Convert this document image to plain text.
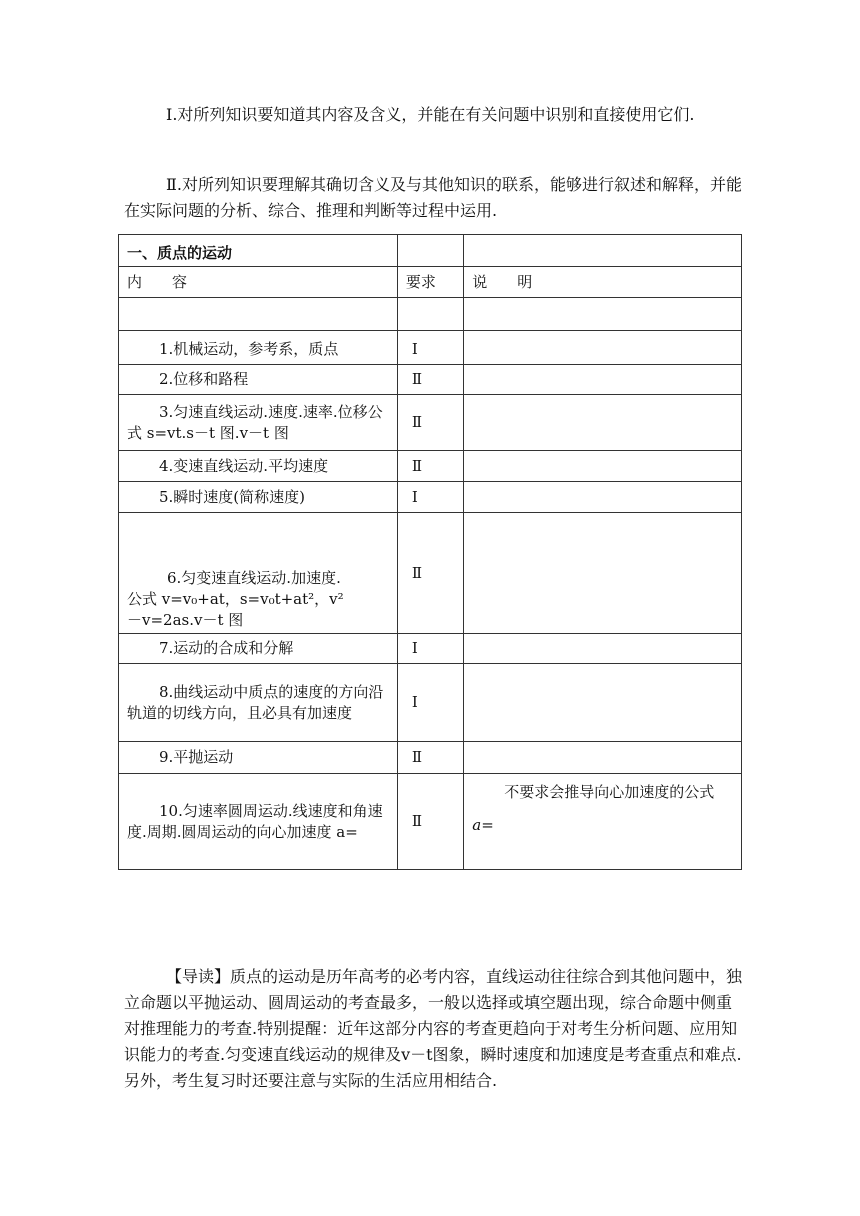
Ⅰ.对所列知识要知道其内容及含义，并能在有关问题中识别和直接使用它们.

Ⅱ.对所列知识要理解其确切含义及与其他知识的联系，能够进行叙述和解释，并能在实际问题的分析、综合、推理和判断等过程中运用.

一、质点的运动		
内　　容	要求	说　　明

1.机械运动，参考系，质点	Ⅰ	
2.位移和路程	Ⅱ	
3.匀速直线运动.速度.速率.位移公式 s=vt.s－t 图.v－t 图	Ⅱ	
4.变速直线运动.平均速度	Ⅱ	
5.瞬时速度(简称速度)	Ⅰ	

6.匀变速直线运动.加速度.
公式 v=v₀+at，s=v₀t+at²，v²
－v=2as.v－t 图	Ⅱ	
7.运动的合成和分解	Ⅰ	
8.曲线运动中质点的速度的方向沿轨道的切线方向，且必具有加速度	Ⅰ	
9.平抛运动	Ⅱ	
10.匀速率圆周运动.线速度和角速度.周期.圆周运动的向心加速度 a=	Ⅱ	不要求会推导向心加速度的公式
a=

【导读】质点的运动是历年高考的必考内容，直线运动往往综合到其他问题中，独立命题以平抛运动、圆周运动的考查最多，一般以选择或填空题出现，综合命题中侧重对推理能力的考查.特别提醒：近年这部分内容的考查更趋向于对考生分析问题、应用知识能力的考查.匀变速直线运动的规律及v－t图象，瞬时速度和加速度是考查重点和难点.另外，考生复习时还要注意与实际的生活应用相结合.
